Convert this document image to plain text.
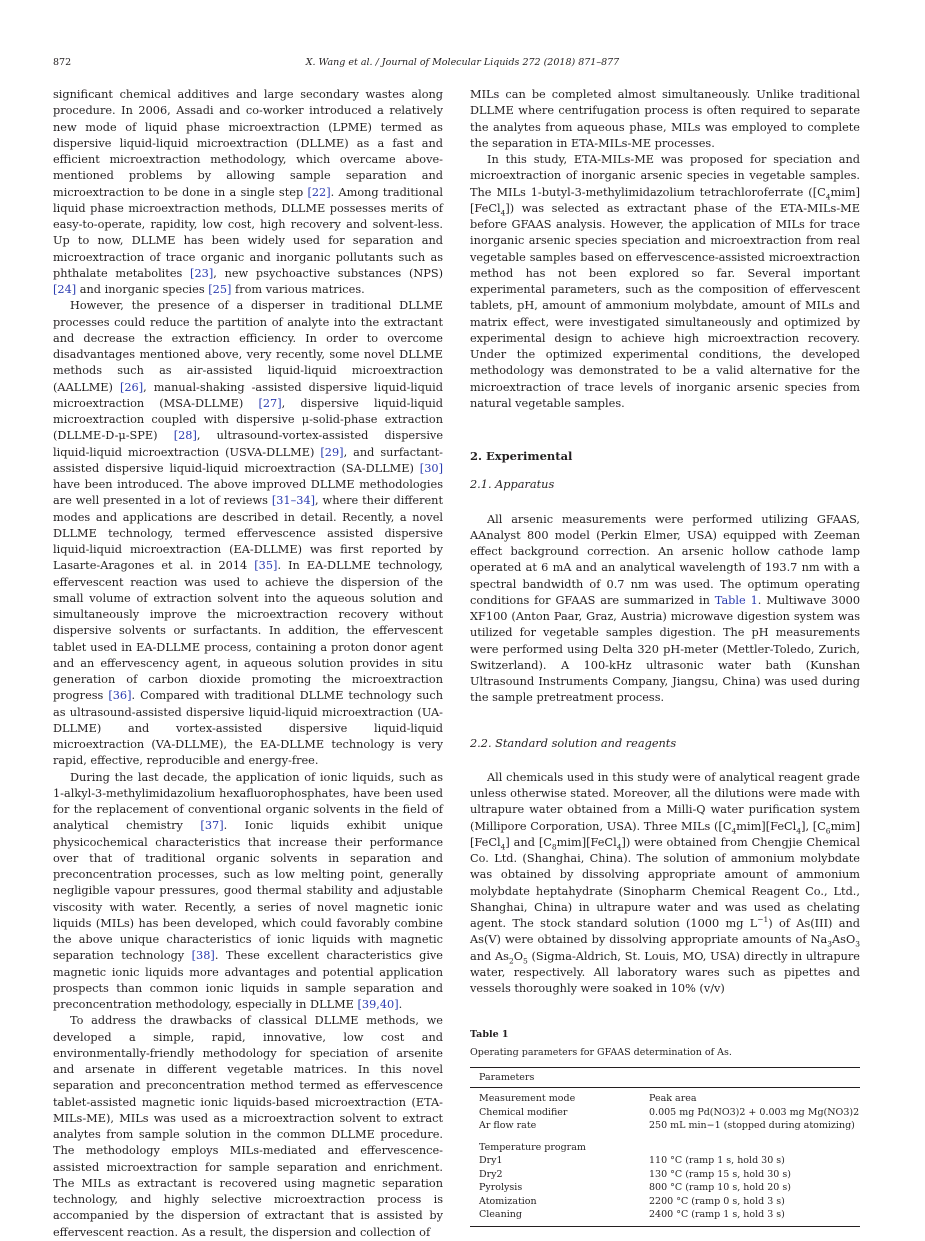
872	X. Wang et al. / Journal of Molecular Liquids 272 (2018) 871–877

significant chemical additives and large secondary wastes along procedure. In 2006, Assadi and co-worker introduced a relatively new mode of liquid phase microextraction (LPME) termed as dispersive liquid-liquid microextraction (DLLME) as a fast and efficient microextraction methodology, which overcame above-mentioned problems by allowing sample separation and microextraction to be done in a single step [22]. Among traditional liquid phase microextraction methods, DLLME possesses merits of easy-to-operate, rapidity, low cost, high recovery and solvent-less. Up to now, DLLME has been widely used for separation and microextraction of trace organic and inorganic pollutants such as phthalate metabolites [23], new psychoactive substances (NPS) [24] and inorganic species [25] from various matrices.

However, the presence of a disperser in traditional DLLME processes could reduce the partition of analyte into the extractant and decrease the extraction efficiency. In order to overcome disadvantages mentioned above, very recently, some novel DLLME methods such as air-assisted liquid-liquid microextraction (AALLME) [26], manual-shaking -assisted dispersive liquid-liquid microextraction (MSA-DLLME) [27], dispersive liquid-liquid microextraction coupled with dispersive μ-solid-phase extraction (DLLME-D-μ-SPE) [28], ultrasound-vortex-assisted dispersive liquid-liquid microextraction (USVA-DLLME) [29], and surfactant-assisted dispersive liquid-liquid microextraction (SA-DLLME) [30] have been introduced. The above improved DLLME methodologies are well presented in a lot of reviews [31–34], where their different modes and applications are described in detail. Recently, a novel DLLME technology, termed effervescence assisted dispersive liquid-liquid microextraction (EA-DLLME) was first reported by Lasarte-Aragones et al. in 2014 [35]. In EA-DLLME technology, effervescent reaction was used to achieve the dispersion of the small volume of extraction solvent into the aqueous solution and simultaneously improve the microextraction recovery without dispersive solvents or surfactants. In addition, the effervescent tablet used in EA-DLLME process, containing a proton donor agent and an effervescency agent, in aqueous solution provides in situ generation of carbon dioxide promoting the microextraction progress [36]. Compared with traditional DLLME technology such as ultrasound-assisted dispersive liquid-liquid microextraction (UA-DLLME) and vortex-assisted dispersive liquid-liquid microextraction (VA-DLLME), the EA-DLLME technology is very rapid, effective, reproducible and energy-free.

During the last decade, the application of ionic liquids, such as 1-alkyl-3-methylimidazolium hexafluorophosphates, have been used for the replacement of conventional organic solvents in the field of analytical chemistry [37]. Ionic liquids exhibit unique physicochemical characteristics that increase their performance over that of traditional organic solvents in separation and preconcentration processes, such as low melting point, generally negligible vapour pressures, good thermal stability and adjustable viscosity with water. Recently, a series of novel magnetic ionic liquids (MILs) has been developed, which could favorably combine the above unique characteristics of ionic liquids with magnetic separation technology [38]. These excellent characteristics give magnetic ionic liquids more advantages and potential application prospects than common ionic liquids in sample separation and preconcentration methodology, especially in DLLME [39,40].

To address the drawbacks of classical DLLME methods, we developed a simple, rapid, innovative, low cost and environmentally-friendly methodology for speciation of arsenite and arsenate in different vegetable matrices. In this novel separation and preconcentration method termed as effervescence tablet-assisted magnetic ionic liquids-based microextraction (ETA-MILs-ME), MILs was used as a microextraction solvent to extract analytes from sample solution in the common DLLME procedure. The methodology employs MILs-mediated and effervescence-assisted microextraction for sample separation and enrichment. The MILs as extractant is recovered using magnetic separation technology, and highly selective microextraction process is accompanied by the dispersion of extractant that is assisted by effervescent reaction. As a result, the dispersion and collection of

MILs can be completed almost simultaneously. Unlike traditional DLLME where centrifugation process is often required to separate the analytes from aqueous phase, MILs was employed to complete the separation in ETA-MILs-ME processes.

In this study, ETA-MILs-ME was proposed for speciation and microextraction of inorganic arsenic species in vegetable samples. The MILs 1-butyl-3-methylimidazolium tetrachloroferrate $([C_4mim][FeCl_4])$ was selected as extractant phase of the ETA-MILs-ME before GFAAS analysis. However, the application of MILs for trace inorganic arsenic species speciation and microextraction from real vegetable samples based on effervescence-assisted microextraction method has not been explored so far. Several important experimental parameters, such as the composition of effervescent tablets, pH, amount of ammonium molybdate, amount of MILs and matrix effect, were investigated simultaneously and optimized by experimental design to achieve high microextraction recovery. Under the optimized experimental conditions, the developed methodology was demonstrated to be a valid alternative for the microextraction of trace levels of inorganic arsenic species from natural vegetable samples.

2. Experimental
2.1. Apparatus

All arsenic measurements were performed utilizing GFAAS, AAnalyst 800 model (Perkin Elmer, USA) equipped with Zeeman effect background correction. An arsenic hollow cathode lamp operated at 6 mA and an analytical wavelength of 193.7 nm with a spectral bandwidth of 0.7 nm was used. The optimum operating conditions for GFAAS are summarized in Table 1. Multiwave 3000 XF100 (Anton Paar, Graz, Austria) microwave digestion system was utilized for vegetable samples digestion. The pH measurements were performed using Delta 320 pH-meter (Mettler-Toledo, Zurich, Switzerland). A 100-kHz ultrasonic water bath (Kunshan Ultrasound Instruments Company, Jiangsu, China) was used during the sample pretreatment process.

2.2. Standard solution and reagents

All chemicals used in this study were of analytical reagent grade unless otherwise stated. Moreover, all the dilutions were made with ultrapure water obtained from a Milli-Q water purification system (Millipore Corporation, USA). Three MILs ($[C_4mim][FeCl_4]$, $[C_6mim][FeCl_4]$ and $[C_8mim][FeCl_4]$) were obtained from Chengjie Chemical Co. Ltd. (Shanghai, China). The solution of ammonium molybdate was obtained by dissolving appropriate amount of ammonium molybdate heptahydrate (Sinopharm Chemical Reagent Co., Ltd., Shanghai, China) in ultrapure water and was used as chelating agent. The stock standard solution (1000 mg $L^{-1}$) of As(III) and As(V) were obtained by dissolving appropriate amounts of $Na_3AsO_3$ and $As_2O_5$ (Sigma-Aldrich, St. Louis, MO, USA) directly in ultrapure water, respectively. All laboratory wares such as pipettes and vessels thoroughly were soaked in 10% (v/v)

Table 1
Operating parameters for GFAAS determination of As.
Parameters	
Measurement mode	Peak area
Chemical modifier	0.005 mg Pd(NO3)2 + 0.003 mg Mg(NO3)2
Ar flow rate	250 mL min−1 (stopped during atomizing)
Temperature program	
Dry1	110 °C (ramp 1 s, hold 30 s)
Dry2	130 °C (ramp 15 s, hold 30 s)
Pyrolysis	800 °C (ramp 10 s, hold 20 s)
Atomization	2200 °C (ramp 0 s, hold 3 s)
Cleaning	2400 °C (ramp 1 s, hold 3 s)
